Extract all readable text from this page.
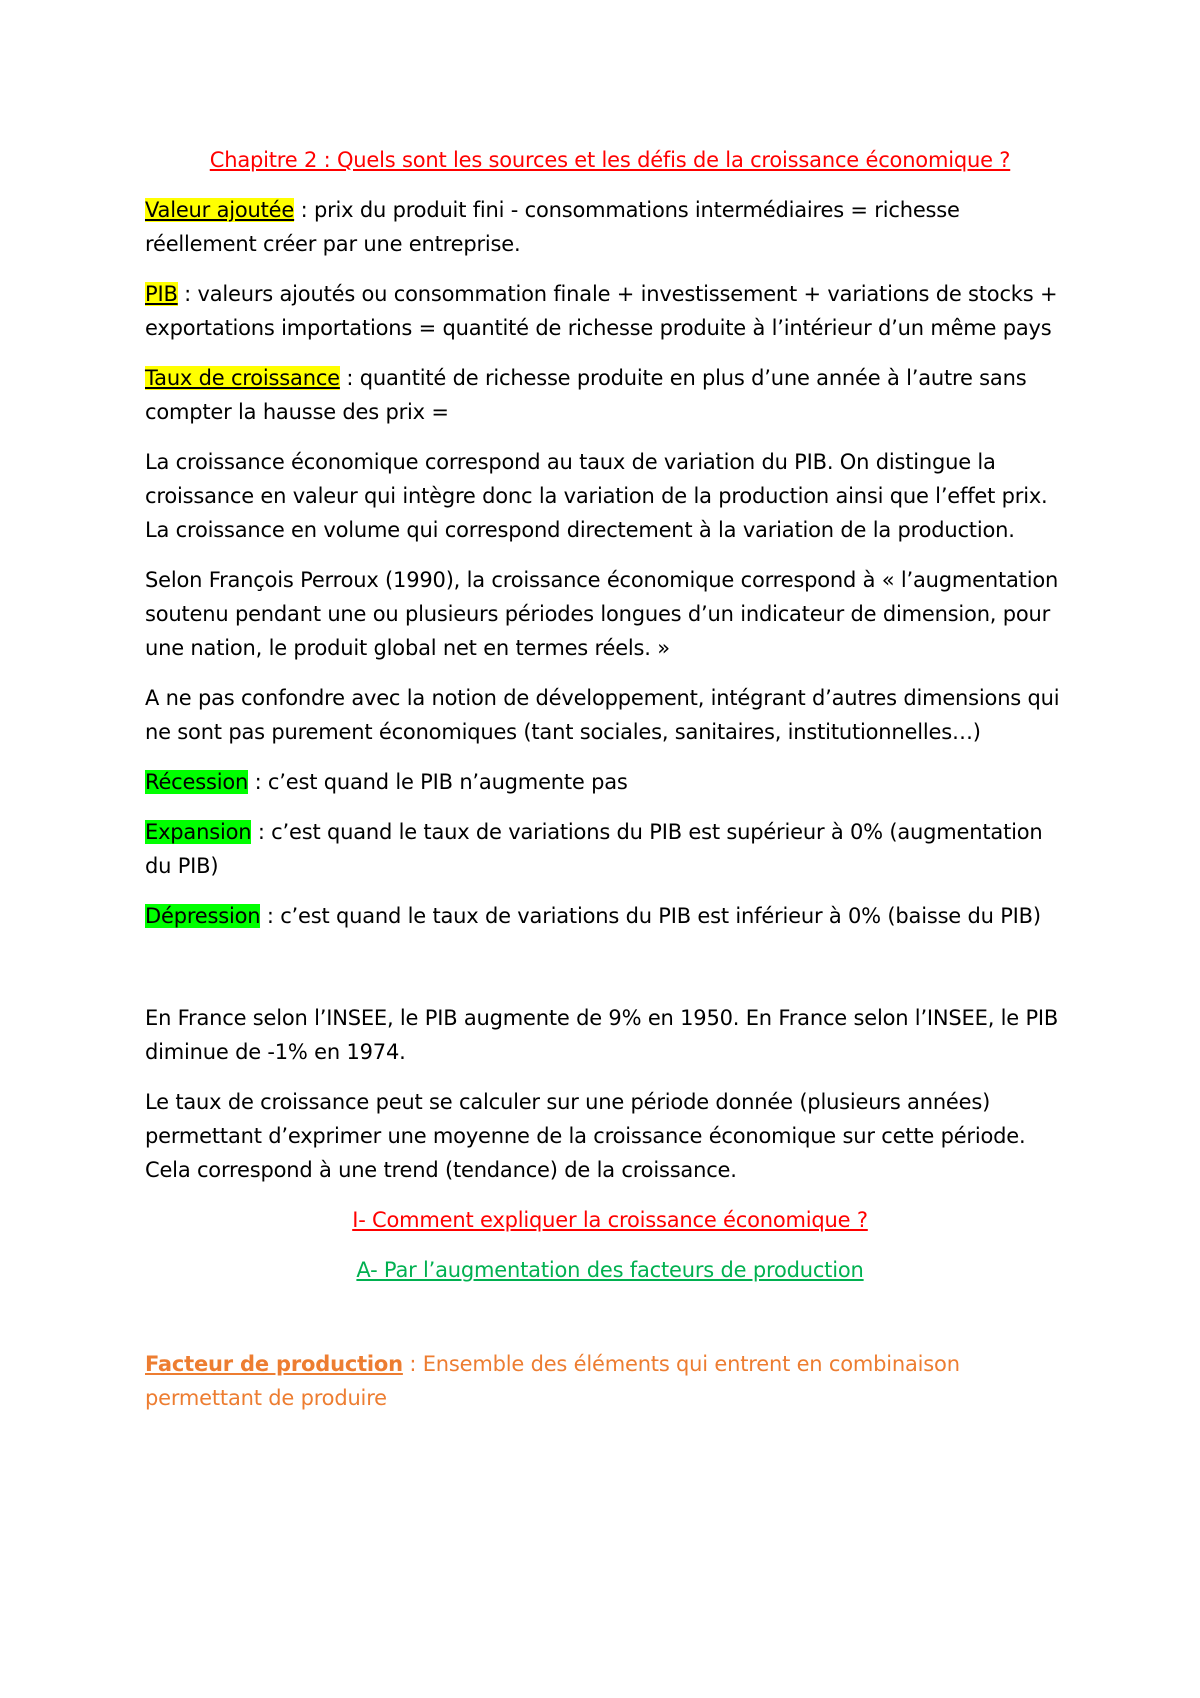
Chapitre 2 : Quels sont les sources et les défis de la croissance économique ?

Valeur ajoutée : prix du produit fini - consommations intermédiaires = richesse réellement créer par une entreprise.

PIB : valeurs ajoutés ou consommation finale + investissement + variations de stocks + exportations importations = quantité de richesse produite à l’intérieur d’un même pays

Taux de croissance : quantité de richesse produite en plus d’une année à l’autre sans compter la hausse des prix =

La croissance économique correspond au taux de variation du PIB. On distingue la croissance en valeur qui intègre donc la variation de la production ainsi que l’effet prix. La croissance en volume qui correspond directement à la variation de la production.

Selon François Perroux (1990), la croissance économique correspond à « l’augmentation soutenu pendant une ou plusieurs périodes longues d’un indicateur de dimension, pour une nation, le produit global net en termes réels. »

A ne pas confondre avec la notion de développement, intégrant d’autres dimensions qui ne sont pas purement économiques (tant sociales, sanitaires, institutionnelles…)

Récession : c’est quand le PIB n’augmente pas

Expansion : c’est quand le taux de variations du PIB est supérieur à 0% (augmentation du PIB)

Dépression : c’est quand le taux de variations du PIB est inférieur à 0% (baisse du PIB)

En France selon l’INSEE, le PIB augmente de 9% en 1950. En France selon l’INSEE, le PIB diminue de -1% en 1974.

Le taux de croissance peut se calculer sur une période donnée (plusieurs années) permettant d’exprimer une moyenne de la croissance économique sur cette période. Cela correspond à une trend (tendance) de la croissance.

I- Comment expliquer la croissance économique ?

A- Par l’augmentation des facteurs de production

Facteur de production : Ensemble des éléments qui entrent en combinaison permettant de produire
